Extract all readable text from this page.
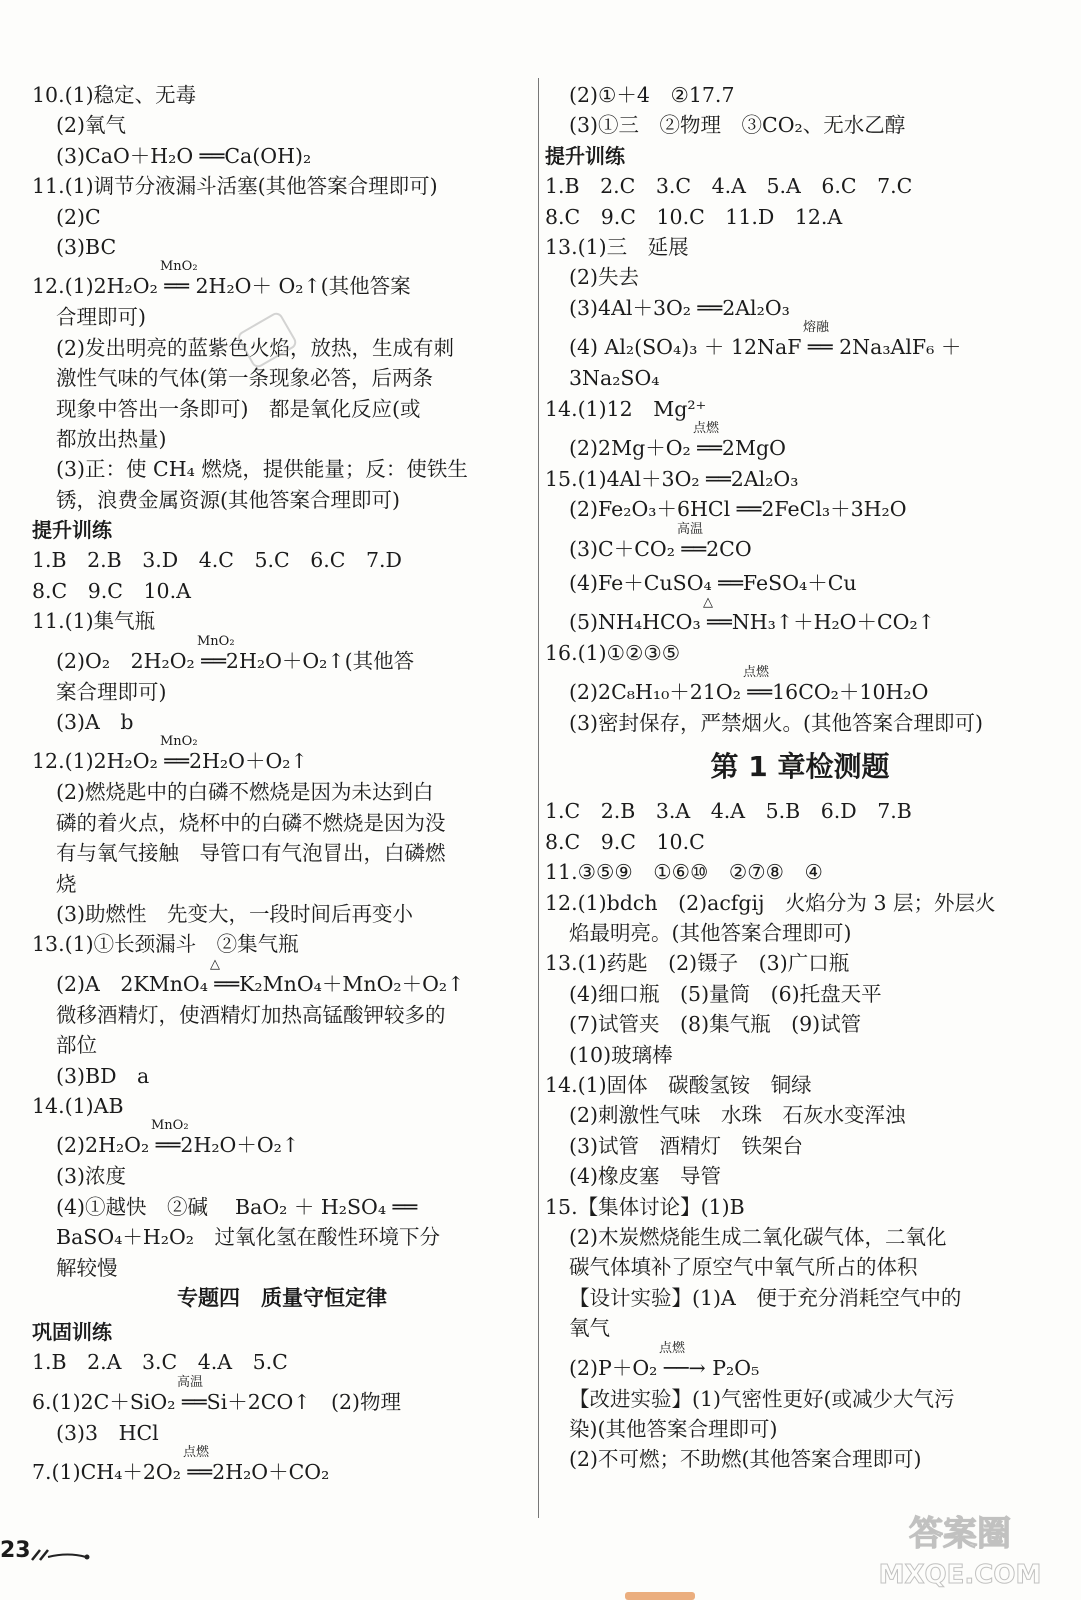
10.(1)稳定、无毒
(2)氧气
(3)CaO＋H₂O ══Ca(OH)₂
11.(1)调节分液漏斗活塞(其他答案合理即可)
(2)C
(3)BC
12.(1)2H₂O₂ ══ 2H₂O＋ O₂↑(其他答案
MnO₂
合理即可)
(2)发出明亮的蓝紫色火焰，放热，生成有刺
激性气味的气体(第一条现象必答，后两条
现象中答出一条即可)　都是氧化反应(或
都放出热量)
(3)正：使 CH₄ 燃烧，提供能量；反：使铁生
锈，浪费金属资源(其他答案合理即可)
提升训练
1.B　2.B　3.D　4.C　5.C　6.C　7.D
8.C　9.C　10.A
11.(1)集气瓶
(2)O₂　2H₂O₂ ══2H₂O＋O₂↑(其他答
MnO₂
案合理即可)
(3)A　b
12.(1)2H₂O₂ ══2H₂O＋O₂↑
MnO₂
(2)燃烧匙中的白磷不燃烧是因为未达到白
磷的着火点，烧杯中的白磷不燃烧是因为没
有与氧气接触　导管口有气泡冒出，白磷燃
烧
(3)助燃性　先变大，一段时间后再变小
13.(1)①长颈漏斗　②集气瓶
(2)A　2KMnO₄ ══K₂MnO₄＋MnO₂＋O₂↑
△
微移酒精灯，使酒精灯加热高锰酸钾较多的
部位
(3)BD　a
14.(1)AB
(2)2H₂O₂ ══2H₂O＋O₂↑
MnO₂
(3)浓度
(4)①越快　②碱　 BaO₂ ＋ H₂SO₄ ══
BaSO₄＋H₂O₂　过氧化氢在酸性环境下分
解较慢
专题四　质量守恒定律
巩固训练
1.B　2.A　3.C　4.A　5.C
6.(1)2C＋SiO₂ ══Si＋2CO↑　(2)物理
高温
(3)3　HCl
7.(1)CH₄＋2O₂ ══2H₂O＋CO₂
点燃
(2)①＋4　②17.7
(3)①三　②物理　③CO₂、无水乙醇
提升训练
1.B　2.C　3.C　4.A　5.A　6.C　7.C
8.C　9.C　10.C　11.D　12.A
13.(1)三　延展
(2)失去
(3)4Al＋3O₂ ══2Al₂O₃
(4) Al₂(SO₄)₃ ＋ 12NaF ══ 2Na₃AlF₆ ＋
熔融
3Na₂SO₄
14.(1)12　Mg²⁺
(2)2Mg＋O₂ ══2MgO
点燃
15.(1)4Al＋3O₂ ══2Al₂O₃
(2)Fe₂O₃＋6HCl ══2FeCl₃＋3H₂O
(3)C＋CO₂ ══2CO
高温
(4)Fe＋CuSO₄ ══FeSO₄＋Cu
(5)NH₄HCO₃ ══NH₃↑＋H₂O＋CO₂↑
△
16.(1)①②③⑤
(2)2C₈H₁₀＋21O₂ ══16CO₂＋10H₂O
点燃
(3)密封保存，严禁烟火。(其他答案合理即可)
第 1 章检测题
1.C　2.B　3.A　4.A　5.B　6.D　7.B
8.C　9.C　10.C
11.③⑤⑨　①⑥⑩　②⑦⑧　④
12.(1)bdch　(2)acfgij　火焰分为 3 层；外层火
焰最明亮。(其他答案合理即可)
13.(1)药匙　(2)镊子　(3)广口瓶
(4)细口瓶　(5)量筒　(6)托盘天平
(7)试管夹　(8)集气瓶　(9)试管
(10)玻璃棒
14.(1)固体　碳酸氢铵　铜绿
(2)刺激性气味　水珠　石灰水变浑浊
(3)试管　酒精灯　铁架台
(4)橡皮塞　导管
15.【集体讨论】(1)B
(2)木炭燃烧能生成二氧化碳气体，二氧化
碳气体填补了原空气中氧气所占的体积
【设计实验】(1)A　便于充分消耗空气中的
氧气
(2)P＋O₂ ──→ P₂O₅
点燃
【改进实验】(1)气密性更好(或减少大气污
染)(其他答案合理即可)
(2)不可燃；不助燃(其他答案合理即可)
23	答案圈
MXQE.COM
